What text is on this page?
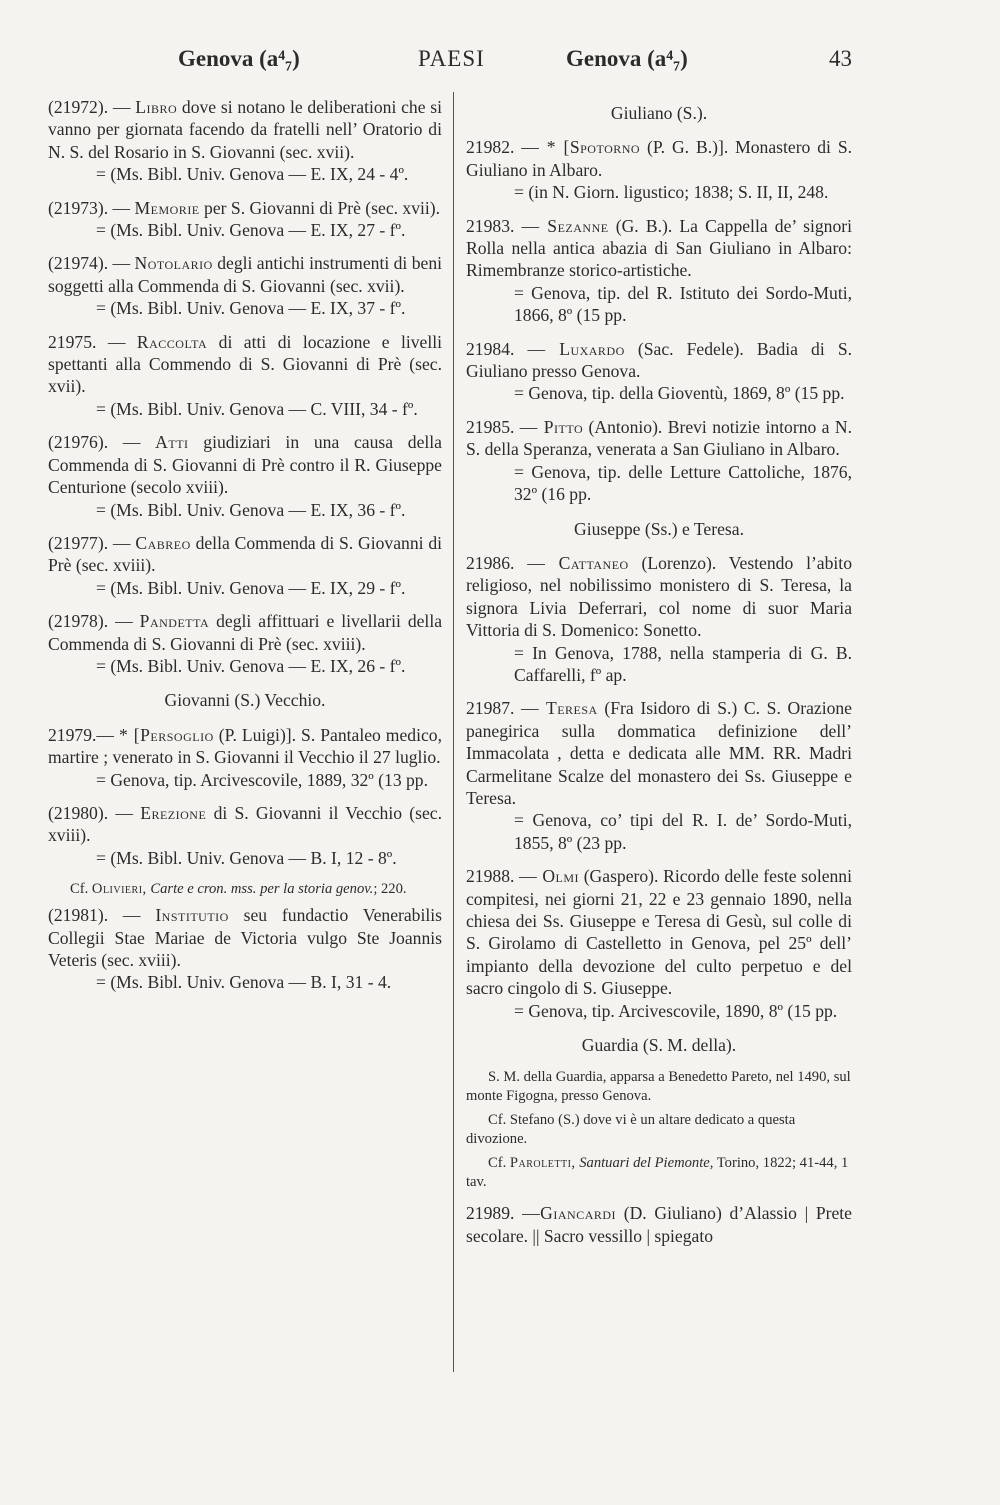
Genova (a⁴₇)	PAESI	Genova (a⁴₇)	43

(21972). — Libro dove si notano le deliberationi che si vanno per giornata facendo da fratelli nell’ Oratorio di N. S. del Rosario in S. Giovanni (sec. xvii).

= (Ms. Bibl. Univ. Genova — E. IX, 24 - 4º.

(21973). — Memorie per S. Giovanni di Prè (sec. xvii).

= (Ms. Bibl. Univ. Genova — E. IX, 27 - fº.

(21974). — Notolario degli antichi instrumenti di beni soggetti alla Commenda di S. Giovanni (sec. xvii).

= (Ms. Bibl. Univ. Genova — E. IX, 37 - fº.

21975. — Raccolta di atti di locazione e livelli spettanti alla Commendo di S. Giovanni di Prè (sec. xvii).

= (Ms. Bibl. Univ. Genova — C. VIII, 34 - fº.

(21976). — Atti giudiziari in una causa della Commenda di S. Giovanni di Prè contro il R. Giuseppe Centurione (secolo xviii).

= (Ms. Bibl. Univ. Genova — E. IX, 36 - fº.

(21977). — Cabreo della Commenda di S. Giovanni di Prè (sec. xviii).

= (Ms. Bibl. Univ. Genova — E. IX, 29 - fº.

(21978). — Pandetta degli affittuari e livellarii della Commenda di S. Giovanni di Prè (sec. xviii).

= (Ms. Bibl. Univ. Genova — E. IX, 26 - fº.

Giovanni (S.) Vecchio.

21979.— * [Persoglio (P. Luigi)]. S. Pantaleo medico, martire ; venerato in S. Giovanni il Vecchio il 27 luglio.

= Genova, tip. Arcivescovile, 1889, 32º (13 pp.

(21980). — Erezione di S. Giovanni il Vecchio (sec. xviii).

= (Ms. Bibl. Univ. Genova — B. I, 12 - 8º.

Cf. Olivieri, Carte e cron. mss. per la storia genov.; 220.

(21981). — Institutio seu fundactio Venerabilis Collegii Stae Mariae de Victoria vulgo Ste Joannis Veteris (sec. xviii).

= (Ms. Bibl. Univ. Genova — B. I, 31 - 4.

Giuliano (S.).

21982. — * [Spotorno (P. G. B.)]. Monastero di S. Giuliano in Albaro.

= (in N. Giorn. ligustico; 1838; S. II, II, 248.

21983. — Sezanne (G. B.). La Cappella de’ signori Rolla nella antica abazia di San Giuliano in Albaro: Rimembranze storico-artistiche.

= Genova, tip. del R. Istituto dei Sordo-Muti, 1866, 8º (15 pp.

21984. — Luxardo (Sac. Fedele). Badia di S. Giuliano presso Genova.

= Genova, tip. della Gioventù, 1869, 8º (15 pp.

21985. — Pitto (Antonio). Brevi notizie intorno a N. S. della Speranza, venerata a San Giuliano in Albaro.

= Genova, tip. delle Letture Cattoliche, 1876, 32º (16 pp.

Giuseppe (Ss.) e Teresa.

21986. — Cattaneo (Lorenzo). Vestendo l’abito religioso, nel nobilissimo monistero di S. Teresa, la signora Livia Deferrari, col nome di suor Maria Vittoria di S. Domenico: Sonetto.

= In Genova, 1788, nella stamperia di G. B. Caffarelli, fº ap.

21987. — Teresa (Fra Isidoro di S.) C. S. Orazione panegirica sulla dommatica definizione dell’ Immacolata , detta e dedicata alle MM. RR. Madri Carmelitane Scalze del monastero dei Ss. Giuseppe e Teresa.

= Genova, co’ tipi del R. I. de’ Sordo-Muti, 1855, 8º (23 pp.

21988. — Olmi (Gaspero). Ricordo delle feste solenni compitesi, nei giorni 21, 22 e 23 gennaio 1890, nella chiesa dei Ss. Giuseppe e Teresa di Gesù, sul colle di S. Girolamo di Castelletto in Genova, pel 25º dell’ impianto della devozione del culto perpetuo e del sacro cingolo di S. Giuseppe.

= Genova, tip. Arcivescovile, 1890, 8º (15 pp.

Guardia (S. M. della).

S. M. della Guardia, apparsa a Benedetto Pareto, nel 1490, sul monte Figogna, presso Genova.

Cf. Stefano (S.) dove vi è un altare dedicato a questa divozione.

Cf. Paroletti, Santuari del Piemonte, Torino, 1822; 41-44, 1 tav.

21989. —Giancardi (D. Giuliano) d’Alassio | Prete secolare. || Sacro vessillo | spiegato
